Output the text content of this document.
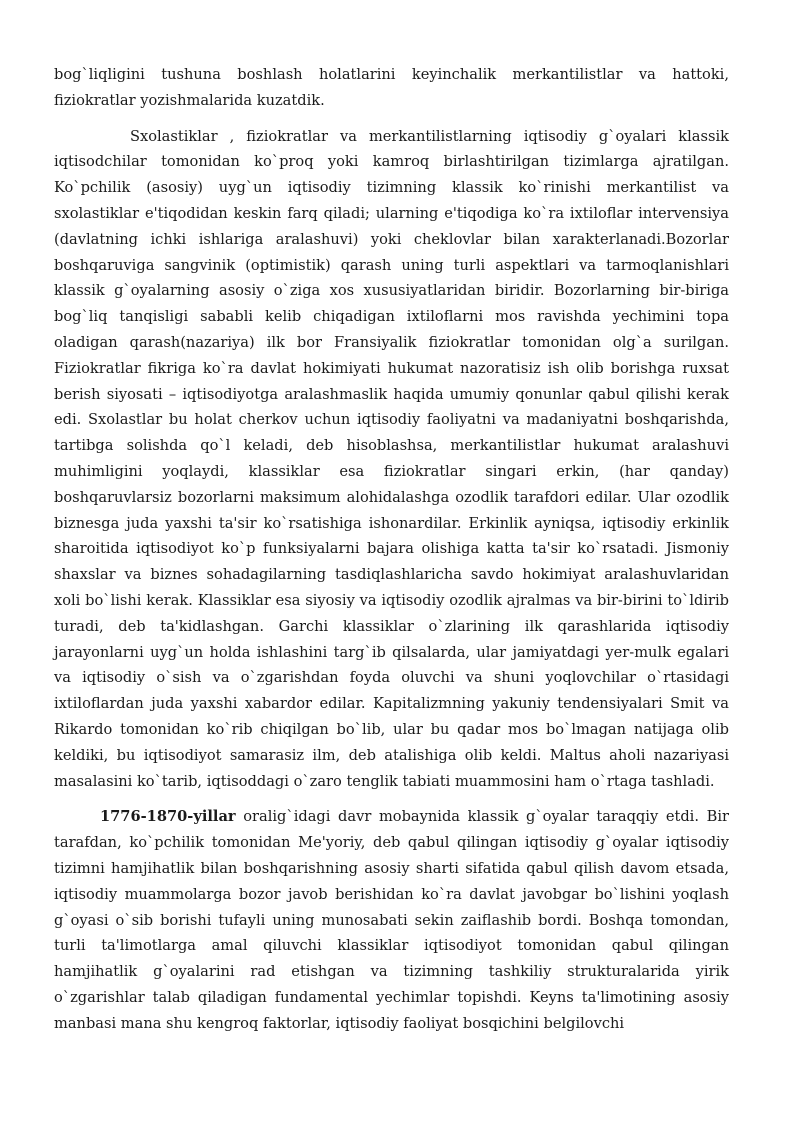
bog`liqligini tushuna boshlash holatlarini keyinchalik merkantilistlar va hattoki, fiziokratlar yozishmalarida kuzatdik.

Sxolastiklar , fiziokratlar va merkantilistlarning iqtisodiy g`oyalari klassik iqtisodchilar tomonidan ko`proq yoki kamroq birlashtirilgan tizimlarga ajratilgan. Ko`pchilik (asosiy) uyg`un iqtisodiy tizimning klassik ko`rinishi merkantilist va sxolastiklar e'tiqodidan keskin farq qiladi; ularning e'tiqodiga ko`ra ixtiloflar intervensiya (davlatning ichki ishlariga aralashuvi) yoki cheklovlar bilan xarakterlanadi.Bozorlar boshqaruviga sangvinik (optimistik) qarash uning turli aspektlari va tarmoqlanishlari klassik g`oyalarning asosiy o`ziga xos xususiyatlaridan biridir. Bozorlarning bir-biriga bog`liq tanqisligi sababli kelib chiqadigan ixtiloflarni mos ravishda yechimini topa oladigan qarash(nazariya) ilk bor Fransiyalik fiziokratlar tomonidan olg`a surilgan. Fiziokratlar fikriga ko`ra davlat hokimiyati hukumat nazoratisiz ish olib borishga ruxsat berish siyosati – iqtisodiyotga aralashmaslik haqida umumiy qonunlar qabul qilishi kerak edi. Sxolastlar bu holat cherkov uchun iqtisodiy faoliyatni va madaniyatni boshqarishda, tartibga solishda qo`l keladi, deb hisoblashsa, merkantilistlar hukumat aralashuvi muhimligini yoqlaydi, klassiklar esa fiziokratlar singari erkin, (har qanday) boshqaruvlarsiz bozorlarni maksimum alohidalashga ozodlik tarafdori edilar. Ular ozodlik biznesga juda yaxshi ta'sir ko`rsatishiga ishonardilar. Erkinlik ayniqsa, iqtisodiy erkinlik sharoitida iqtisodiyot ko`p funksiyalarni bajara olishiga katta ta'sir ko`rsatadi. Jismoniy shaxslar va biznes sohadagilarning tasdiqlashlaricha savdo hokimiyat aralashuvlaridan xoli bo`lishi kerak. Klassiklar esa siyosiy va iqtisodiy ozodlik ajralmas va bir-birini to`ldirib turadi, deb ta'kidlashgan. Garchi klassiklar o`zlarining ilk qarashlarida iqtisodiy jarayonlarni uyg`un holda ishlashini targ`ib qilsalarda, ular jamiyatdagi yer-mulk egalari va iqtisodiy o`sish va o`zgarishdan foyda oluvchi va shuni yoqlovchilar o`rtasidagi ixtiloflardan juda yaxshi xabardor edilar. Kapitalizmning yakuniy tendensiyalari Smit va Rikardo tomonidan ko`rib chiqilgan bo`lib, ular bu qadar mos bo`lmagan natijaga olib keldiki, bu iqtisodiyot samarasiz ilm, deb atalishiga olib keldi. Maltus aholi nazariyasi masalasini ko`tarib, iqtisoddagi o`zaro tenglik tabiati muammosini ham o`rtaga tashladi.

1776-1870-yillar oralig`idagi davr mobaynida klassik g`oyalar taraqqiy etdi. Bir tarafdan, ko`pchilik tomonidan Me'yoriy, deb qabul qilingan iqtisodiy g`oyalar iqtisodiy tizimni hamjihatlik bilan boshqarishning asosiy sharti sifatida qabul qilish davom etsada, iqtisodiy muammolarga bozor javob berishidan ko`ra davlat javobgar bo`lishini yoqlash g`oyasi o`sib borishi tufayli uning munosabati sekin zaiflashib bordi. Boshqa tomondan, turli ta'limotlarga amal qiluvchi klassiklar iqtisodiyot tomonidan qabul qilingan hamjihatlik g`oyalarini rad etishgan va tizimning tashkiliy strukturalarida yirik o`zgarishlar talab qiladigan fundamental yechimlar topishdi. Keyns ta'limotining asosiy manbasi mana shu kengroq faktorlar, iqtisodiy faoliyat bosqichini belgilovchi
